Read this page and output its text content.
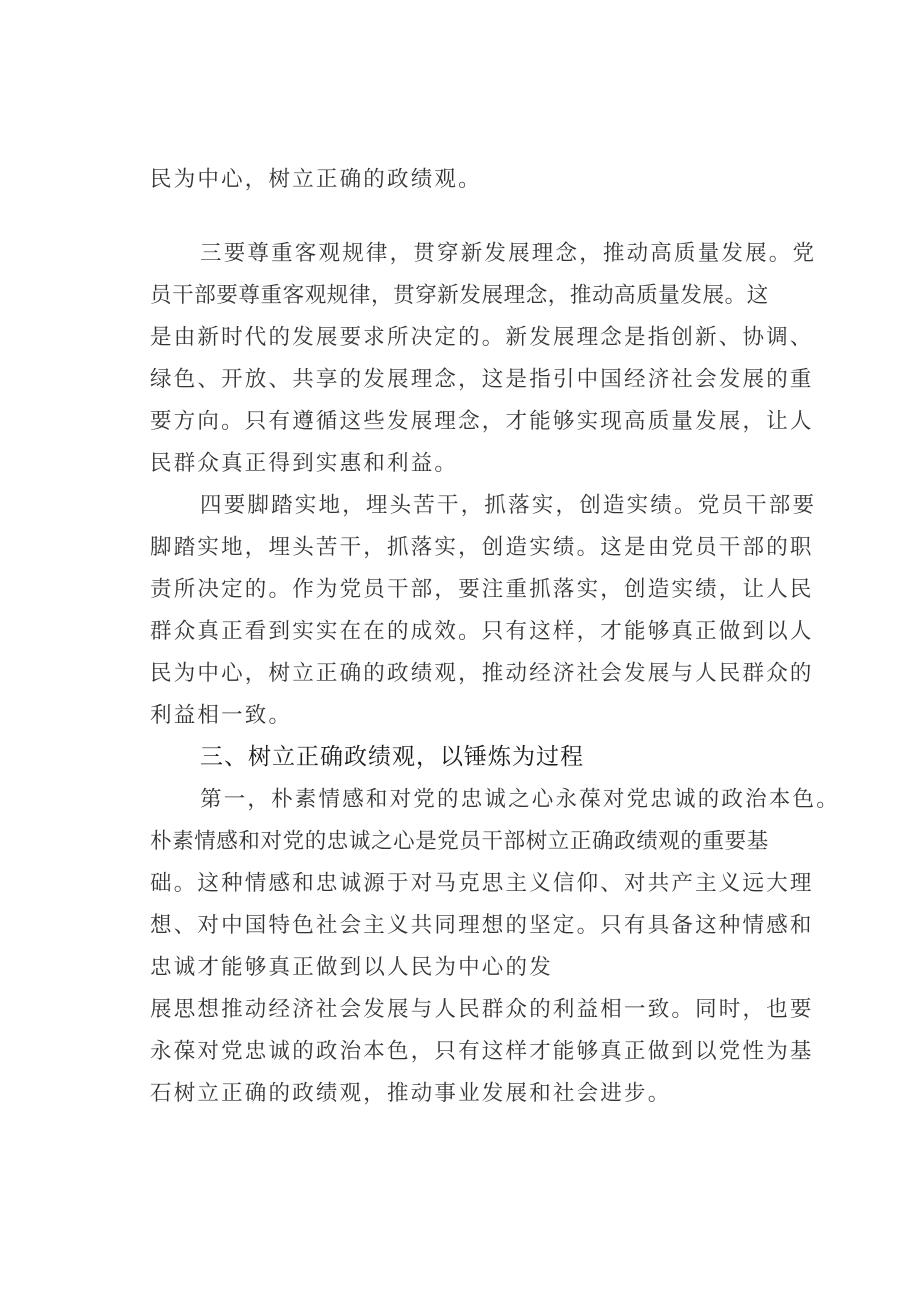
民为中心，树立正确的政绩观。
三要尊重客观规律，贯穿新发展理念，推动高质量发展。党
员干部要尊重客观规律，贯穿新发展理念，推动高质量发展。这
是由新时代的发展要求所决定的。新发展理念是指创新、协调、
绿色、开放、共享的发展理念，这是指引中国经济社会发展的重
要方向。只有遵循这些发展理念，才能够实现高质量发展，让人
民群众真正得到实惠和利益。
四要脚踏实地，埋头苦干，抓落实，创造实绩。党员干部要
脚踏实地，埋头苦干，抓落实，创造实绩。这是由党员干部的职
责所决定的。作为党员干部，要注重抓落实，创造实绩，让人民
群众真正看到实实在在的成效。只有这样，才能够真正做到以人
民为中心，树立正确的政绩观，推动经济社会发展与人民群众的
利益相一致。
三、树立正确政绩观，以锤炼为过程
第一，朴素情感和对党的忠诚之心永葆对党忠诚的政治本色。
朴素情感和对党的忠诚之心是党员干部树立正确政绩观的重要基
础。这种情感和忠诚源于对马克思主义信仰、对共产主义远大理
想、对中国特色社会主义共同理想的坚定。只有具备这种情感和
忠诚才能够真正做到以人民为中心的发
展思想推动经济社会发展与人民群众的利益相一致。同时，也要
永葆对党忠诚的政治本色，只有这样才能够真正做到以党性为基
石树立正确的政绩观，推动事业发展和社会进步。
